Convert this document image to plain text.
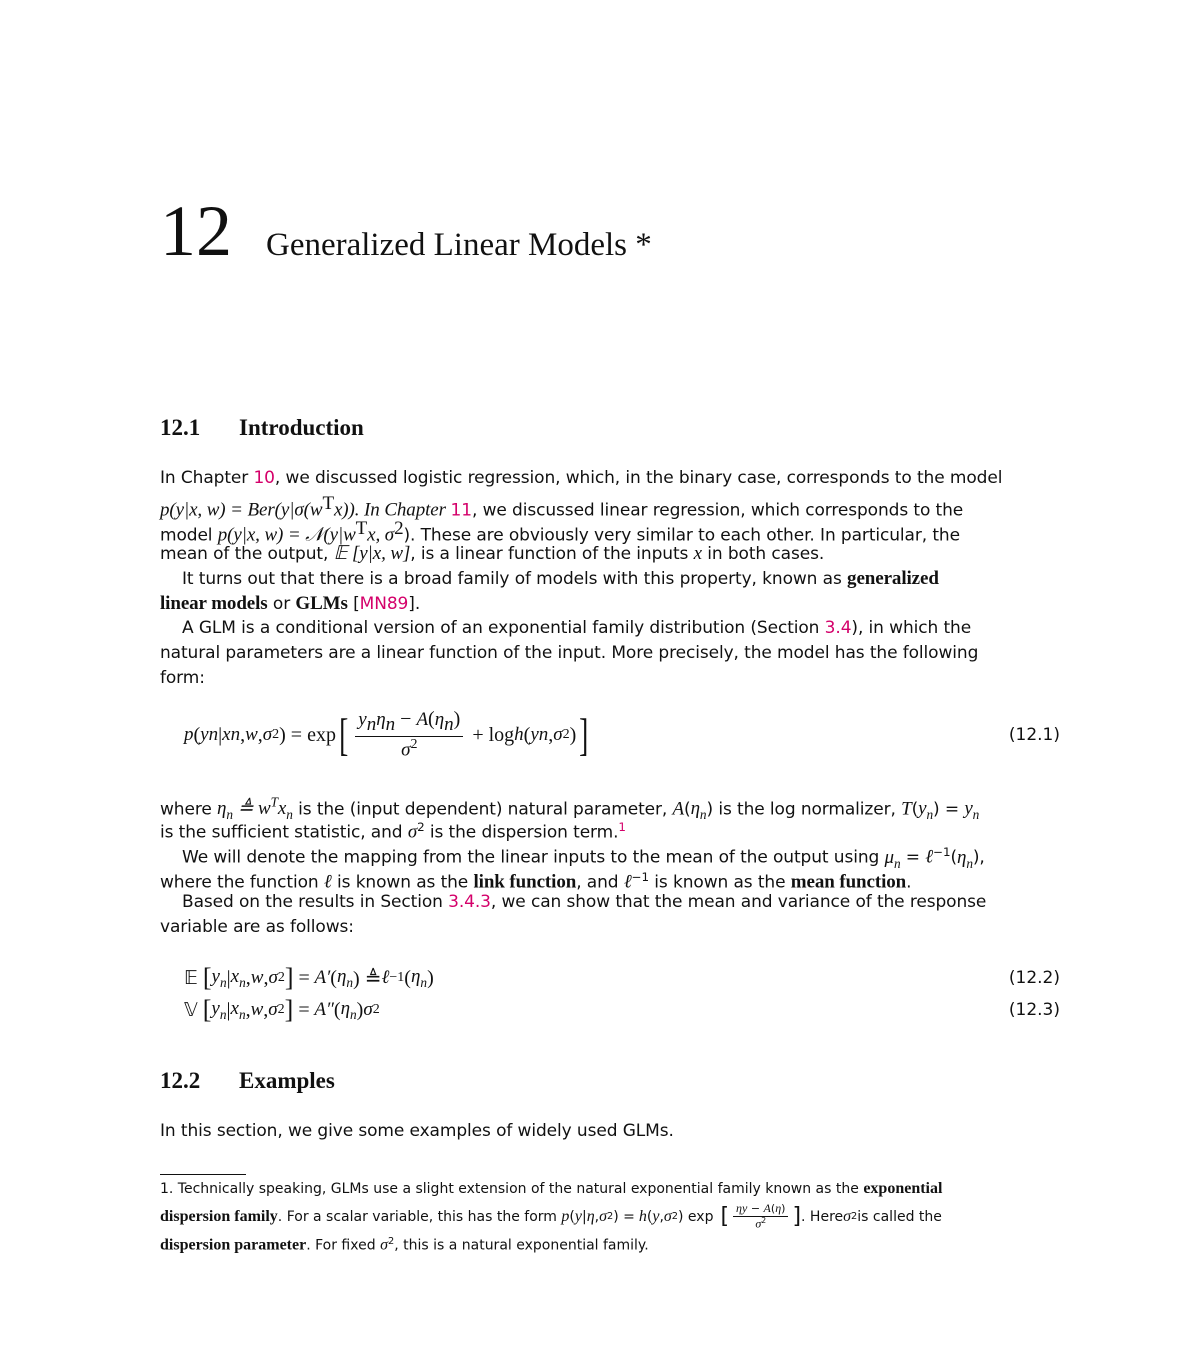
12 Generalized Linear Models *
12.1 Introduction
In Chapter 10, we discussed logistic regression, which, in the binary case, corresponds to the model
p(y|x, $w) = Ber(y|\sigma(w^Tx))$. In Chapter 11, we discussed linear regression, which corresponds to the
model p(y|x, $w) = 𝒩(y|w^Tx$, $\sigma^2$). These are obviously very similar to each other. In particular, the
mean of the output, 𝔼 [y|x, w], is a linear function of the inputs x in both cases.
It turns out that there is a broad family of models with this property, known as generalized
linear models or GLMs [MN89].
A GLM is a conditional version of an exponential family distribution (Section 3.4), in which the
natural parameters are a linear function of the input. More precisely, the model has the following
form:
p ( y n | x n , w , σ 2 ) = exp [ $\frac{y_n\eta_n - A(\eta_n)}{\sigma^2} + \log h$ ( y n , σ 2 ) ]	(12.1)
where $\eta_n$ ≜ $w^Tx_n$ is the (input dependent) natural parameter, $A(\eta_n)$ is the log normalizer, $T(y_n) = y_n$
is the sufficient statistic, and $\sigma^2$ is the dispersion term.$^1$
We will denote the mapping from the linear inputs to the mean of the output using $\mu_n$ = $\ell^{-1}(\eta_n)$,
where the function ℓ is known as the link function, and ℓ$^{-1}$ is known as the mean function.
Based on the results in Section 3.4.3, we can show that the mean and variance of the response
variable are as follows:
𝔼
[ $y_n$ | $x_n$ , w , σ 2 ] = A′ ( $\eta_n$ ) ≜ ℓ −1 ( $\eta_n$ )	(12.2)
𝕍
[ $y_n$ | $x_n$ , w , σ 2 ] = A″ ( $\eta_n$ ) σ 2	(12.3)
12.2 Examples
In this section, we give some examples of widely used GLMs.
1. Technically speaking, GLMs use a slight extension of the natural exponential family known as the exponential
dispersion family . For a scalar variable, this has the form
p ( y | η , σ 2 ) = h ( y , σ 2 ) exp [ $\frac{\eta y - A(\eta)}{\sigma^2}$ ] . Here σ 2 is called the
dispersion parameter. For fixed $\sigma^2$, this is a natural exponential family.
